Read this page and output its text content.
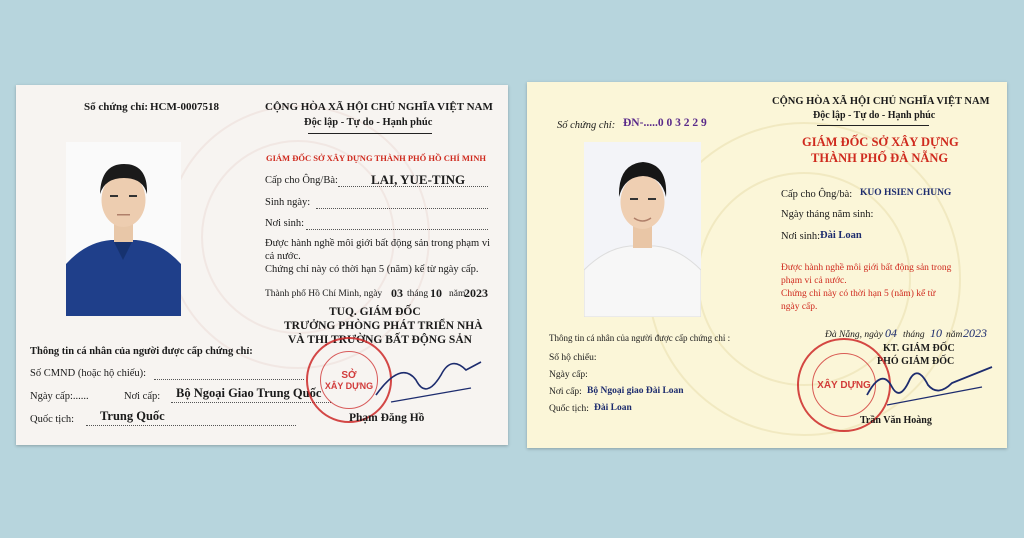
Số chứng chỉ: HCM-0007518	CỘNG HÒA XÃ HỘI CHỦ NGHĨA VIỆT NAM
Độc lập - Tự do - Hạnh phúc
GIÁM ĐỐC SỞ XÂY DỰNG THÀNH PHỐ HỒ CHÍ MINH
Cấp cho Ông/Bà:	LAI, YUE-TING
Sinh ngày:
Nơi sinh:
Được hành nghề môi giới bất động sản trong phạm vi
cả nước.
Chứng chỉ này có thời hạn 5 (năm) kể từ ngày cấp.
Thành phố Hồ Chí Minh, ngày 03 tháng 10 năm
2023
TUQ. GIÁM ĐỐC
TRƯỞNG PHÒNG PHÁT TRIỂN NHÀ
VÀ THỊ TRƯỜNG BẤT ĐỘNG SẢN
Thông tin cá nhân của người được cấp chứng chỉ:
Số CMND (hoặc hộ chiếu):
Ngày cấp:......	Nơi cấp: Bộ Ngoại Giao Trung Quốc
Quốc tịch: Trung Quốc
SỞ
XÂY DỰNG
Phạm Đăng Hồ
CỘNG HÒA XÃ HỘI CHỦ NGHĨA VIỆT NAM
Độc lập - Tự do - Hạnh phúc
Số chứng chỉ: ĐN-.....0 0 3 2 2 9
GIÁM ĐỐC SỞ XÂY DỰNG
THÀNH PHỐ ĐÀ NẴNG
Cấp cho Ông/bà: KUO HSIEN CHUNG
Ngày tháng năm sinh:
Nơi sinh: Đài Loan
Được hành nghề môi giới bất động sản trong
phạm vi cả nước.
Chứng chỉ này có thời hạn 5 (năm) kể từ
ngày cấp.
Thông tin cá nhân của người được cấp chứng chỉ :	Đà Nẵng, ngày 04 tháng 10 năm 2023
KT. GIÁM ĐỐC
PHÓ GIÁM ĐỐC
Số hộ chiếu:
Ngày cấp:
Nơi cấp: Bộ Ngoại giao Đài Loan
Quốc tịch: Đài Loan
XÂY DỰNG
Trần Văn Hoàng
